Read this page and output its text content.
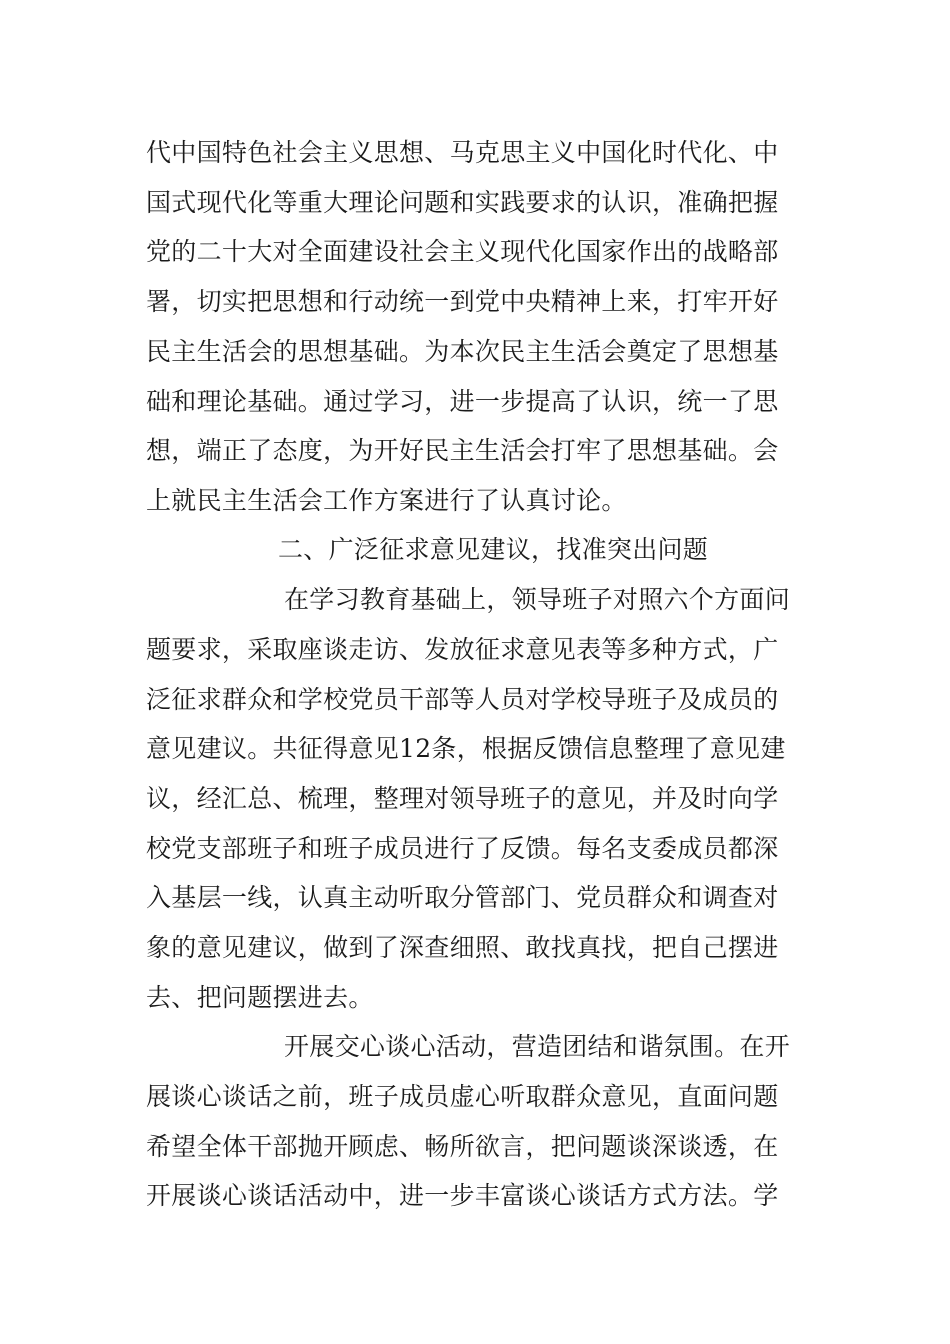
代中国特色社会主义思想、马克思主义中国化时代化、中
国式现代化等重大理论问题和实践要求的认识，准确把握
党的二十大对全面建设社会主义现代化国家作出的战略部
署，切实把思想和行动统一到党中央精神上来，打牢开好
民主生活会的思想基础。为本次民主生活会奠定了思想基
础和理论基础。通过学习，进一步提高了认识，统一了思
想，端正了态度，为开好民主生活会打牢了思想基础。会
上就民主生活会工作方案进行了认真讨论。
二、广泛征求意见建议，找准突出问题
在学习教育基础上，领导班子对照六个方面问
题要求，采取座谈走访、发放征求意见表等多种方式，广
泛征求群众和学校党员干部等人员对学校导班子及成员的
意见建议。共征得意见12条，根据反馈信息整理了意见建
议，经汇总、梳理，整理对领导班子的意见，并及时向学
校党支部班子和班子成员进行了反馈。每名支委成员都深
入基层一线，认真主动听取分管部门、党员群众和调查对
象的意见建议，做到了深查细照、敢找真找，把自己摆进
去、把问题摆进去。
开展交心谈心活动，营造团结和谐氛围。在开
展谈心谈话之前，班子成员虚心听取群众意见，直面问题
希望全体干部抛开顾虑、畅所欲言，把问题谈深谈透，在
开展谈心谈话活动中，进一步丰富谈心谈话方式方法。学
